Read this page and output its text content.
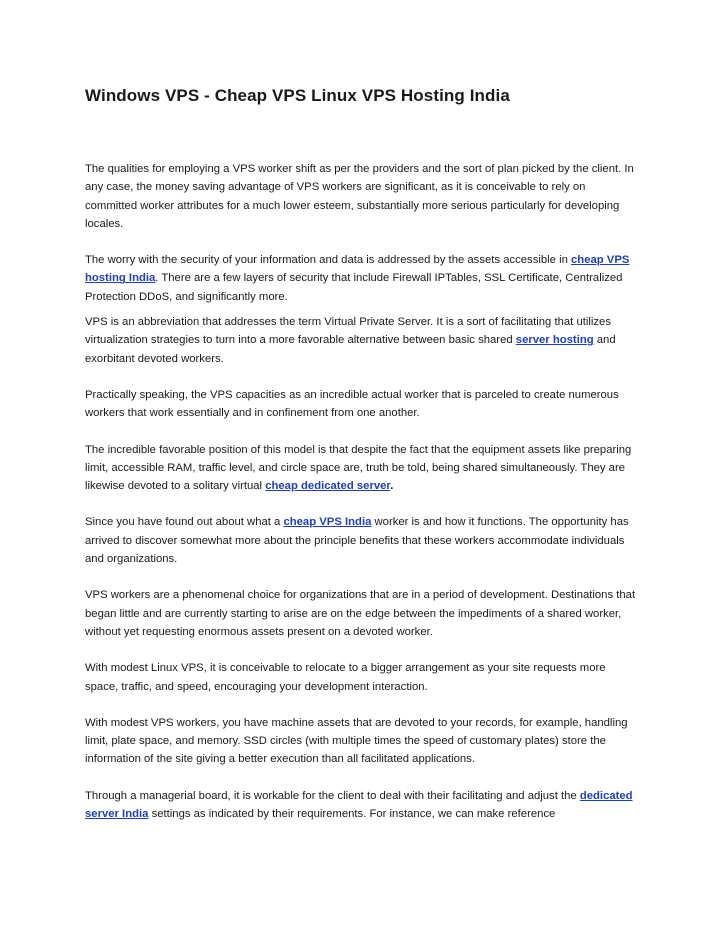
Windows VPS - Cheap VPS Linux VPS Hosting India

The qualities for employing a VPS worker shift as per the providers and the sort of plan picked by the client. In any case, the money saving advantage of VPS workers are significant, as it is conceivable to rely on committed worker attributes for a much lower esteem, substantially more serious particularly for developing locales.

The worry with the security of your information and data is addressed by the assets accessible in cheap VPS hosting India. There are a few layers of security that include Firewall IPTables, SSL Certificate, Centralized Protection DDoS, and significantly more.

VPS is an abbreviation that addresses the term Virtual Private Server. It is a sort of facilitating that utilizes virtualization strategies to turn into a more favorable alternative between basic shared server hosting and exorbitant devoted workers.

Practically speaking, the VPS capacities as an incredible actual worker that is parceled to create numerous workers that work essentially and in confinement from one another.

The incredible favorable position of this model is that despite the fact that the equipment assets like preparing limit, accessible RAM, traffic level, and circle space are, truth be told, being shared simultaneously. They are likewise devoted to a solitary virtual cheap dedicated server.

Since you have found out about what a cheap VPS India worker is and how it functions. The opportunity has arrived to discover somewhat more about the principle benefits that these workers accommodate individuals and organizations.

VPS workers are a phenomenal choice for organizations that are in a period of development. Destinations that began little and are currently starting to arise are on the edge between the impediments of a shared worker, without yet requesting enormous assets present on a devoted worker.

With modest Linux VPS, it is conceivable to relocate to a bigger arrangement as your site requests more space, traffic, and speed, encouraging your development interaction.

With modest VPS workers, you have machine assets that are devoted to your records, for example, handling limit, plate space, and memory. SSD circles (with multiple times the speed of customary plates) store the information of the site giving a better execution than all facilitated applications.

Through a managerial board, it is workable for the client to deal with their facilitating and adjust the dedicated server India settings as indicated by their requirements. For instance, we can make reference
